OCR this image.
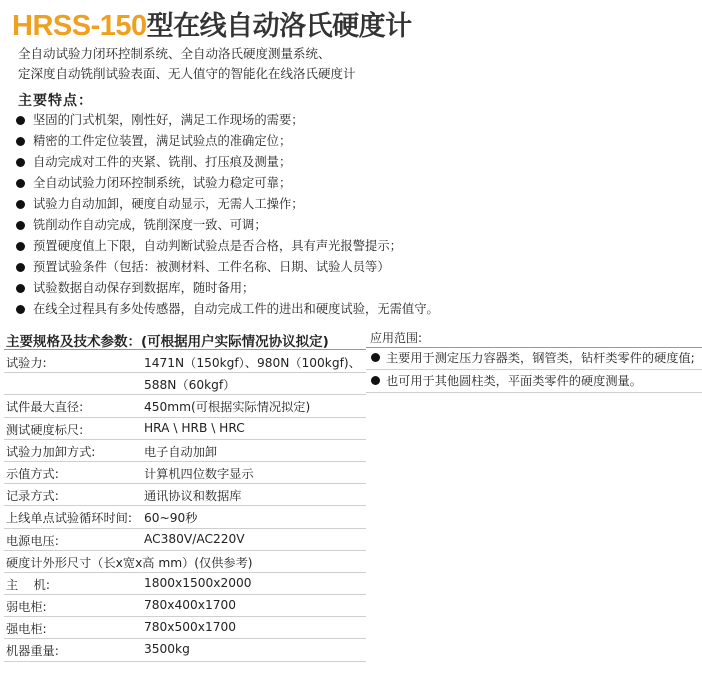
HRSS-150型在线自动洛氏硬度计
全自动试验力闭环控制系统、全自动洛氏硬度测量系统、
定深度自动铣削试验表面、无人值守的智能化在线洛氏硬度计
主要特点：
坚固的门式机架，刚性好，满足工作现场的需要；
精密的工件定位装置，满足试验点的准确定位；
自动完成对工件的夹紧、铣削、打压痕及测量；
全自动试验力闭环控制系统，试验力稳定可靠；
试验力自动加卸，硬度自动显示，无需人工操作；
铣削动作自动完成，铣削深度一致、可调；
预置硬度值上下限，自动判断试验点是否合格，具有声光报警提示；
预置试验条件（包括：被测材料、工件名称、日期、试验人员等）
试验数据自动保存到数据库，随时备用；
在线全过程具有多处传感器，自动完成工件的进出和硬度试验，无需值守。
主要规格及技术参数：(可根据用户实际情况协议拟定)
试验力:	1471N（150kgf）、980N（100kgf)、
588N（60kgf）
试件最大直径:	450mm(可根据实际情况拟定)
测试硬度标尺:	HRA \ HRB \ HRC
试验力加卸方式:	电子自动加卸
示值方式:	计算机四位数字显示
记录方式:	通讯协议和数据库
上线单点试验循环时间: 60~90秒
电源电压:	AC380V/AC220V
硬度计外形尺寸（长x宽x高 mm）(仅供参考)
主    机:	1800x1500x2000
弱电柜:	780x400x1700
强电柜:	780x500x1700
机器重量:	3500kg
应用范围:
主要用于测定压力容器类，钢管类，钻杆类零件的硬度值;
也可用于其他圆柱类，平面类零件的硬度测量。
